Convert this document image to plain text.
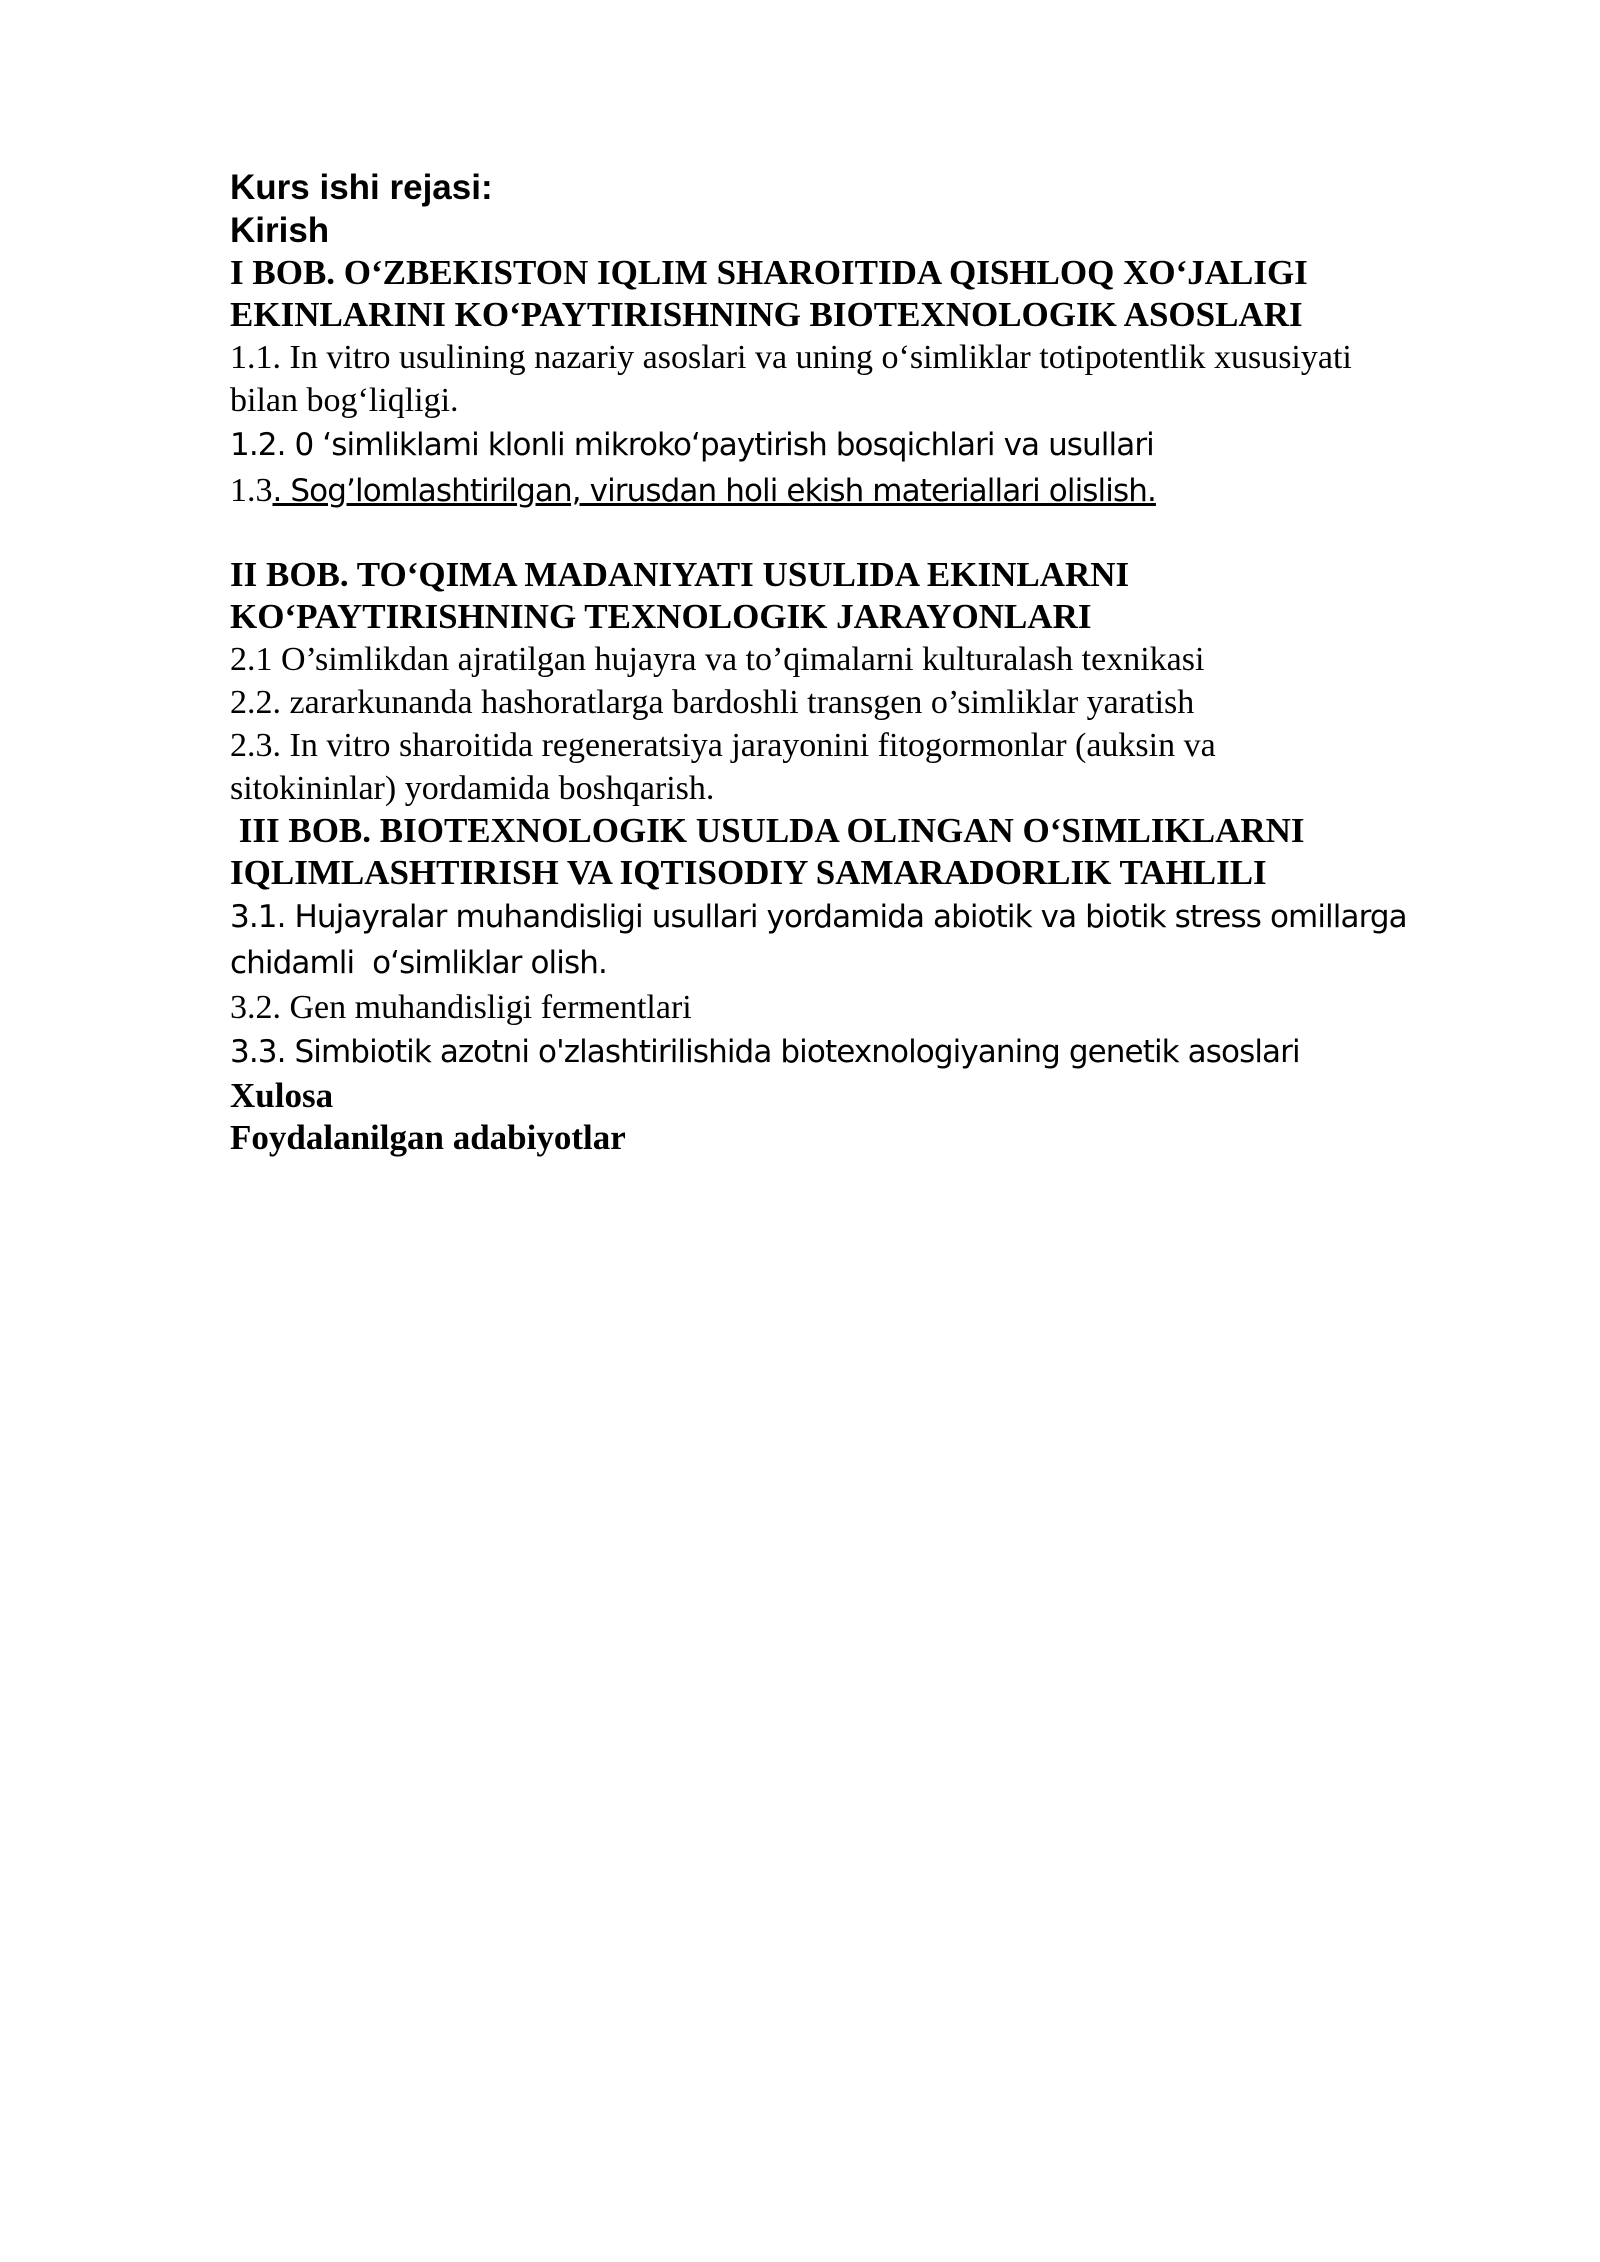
Kurs ishi rejasi:

Kirish

I BOB. O‘ZBEKISTON IQLIM SHAROITIDA QISHLOQ XO‘JALIGI

EKINLARINI KO‘PAYTIRISHNING BIOTEXNOLOGIK ASOSLARI

1.1. In vitro usulining nazariy asoslari va uning o‘simliklar totipotentlik xususiyati

bilan bog‘liqligi.

1.2. 0 ‘simliklami klonli mikroko‘paytirish bosqichlari va usullari

1.3. Sog’lomlashtirilgan, virusdan holi ekish materiallari olislish.

II BOB. TO‘QIMA MADANIYATI USULIDA EKINLARNI

KO‘PAYTIRISHNING TEXNOLOGIK JARAYONLARI

2.1 O’simlikdan ajratilgan hujayra va to’qimalarni kulturalash texnikasi

2.2. zararkunanda hashoratlarga bardoshli transgen o’simliklar yaratish

2.3. In vitro sharoitida regeneratsiya jarayonini fitogormonlar (auksin va

sitokininlar) yordamida boshqarish.

III BOB. BIOTEXNOLOGIK USULDA OLINGAN O‘SIMLIKLARNI

IQLIMLASHTIRISH VA IQTISODIY SAMARADORLIK TAHLILI

3.1. Hujayralar muhandisligi usullari yordamida abiotik va biotik stress omillarga

chidamli  o‘simliklar olish.

3.2. Gen muhandisligi fermentlari

3.3. Simbiotik azotni o'zlashtirilishida biotexnologiyaning genetik asoslari

Xulosa

Foydalanilgan adabiyotlar
